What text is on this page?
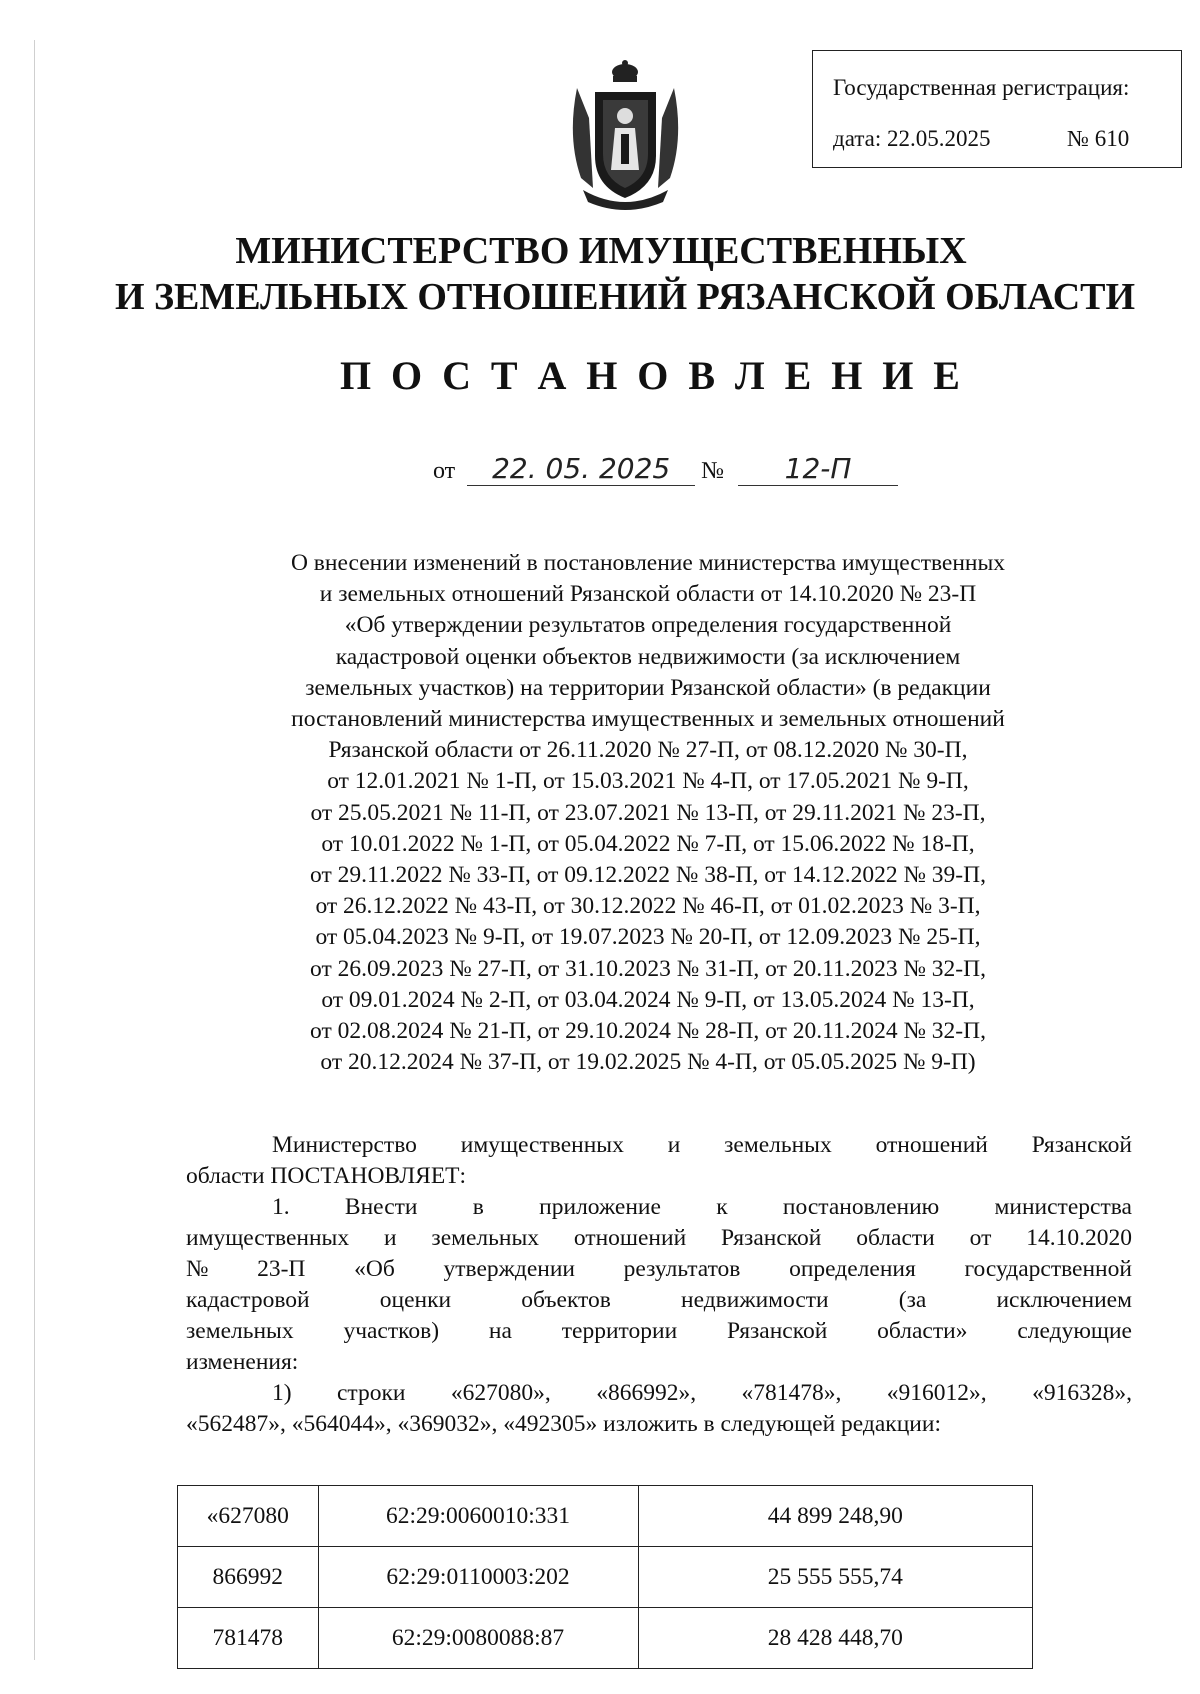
Государственная регистрация:
дата: 22.05.2025	№ 610
МИНИСТЕРСТВО ИМУЩЕСТВЕННЫХ
И ЗЕМЕЛЬНЫХ ОТНОШЕНИЙ РЯЗАНСКОЙ ОБЛАСТИ
П О С Т А Н О В Л Е Н И Е
от 22. 05. 2025 № 12-П
О внесении изменений в постановление министерства имущественных
и земельных отношений Рязанской области от 14.10.2020 № 23-П
«Об утверждении результатов определения государственной
кадастровой оценки объектов недвижимости (за исключением
земельных участков) на территории Рязанской области» (в редакции
постановлений министерства имущественных и земельных отношений
Рязанской области от 26.11.2020 № 27-П, от 08.12.2020 № 30-П,
от 12.01.2021 № 1-П, от 15.03.2021 № 4-П, от 17.05.2021 № 9-П,
от 25.05.2021 № 11-П, от 23.07.2021 № 13-П, от 29.11.2021 № 23-П,
от 10.01.2022 № 1-П, от 05.04.2022 № 7-П, от 15.06.2022 № 18-П,
от 29.11.2022 № 33-П, от 09.12.2022 № 38-П, от 14.12.2022 № 39-П,
от 26.12.2022 № 43-П, от 30.12.2022 № 46-П, от 01.02.2023 № 3-П,
от 05.04.2023 № 9-П, от 19.07.2023 № 20-П, от 12.09.2023 № 25-П,
от 26.09.2023 № 27-П, от 31.10.2023 № 31-П, от 20.11.2023 № 32-П,
от 09.01.2024 № 2-П, от 03.04.2024 № 9-П, от 13.05.2024 № 13-П,
от 02.08.2024 № 21-П, от 29.10.2024 № 28-П, от 20.11.2024 № 32-П,
от 20.12.2024 № 37-П, от 19.02.2025 № 4-П, от 05.05.2025 № 9-П)

Министерство имущественных и земельных отношений Рязанской

области ПОСТАНОВЛЯЕТ:

1. Внести в приложение к постановлению министерства

имущественных и земельных отношений Рязанской области от 14.10.2020

№ 23-П «Об утверждении результатов определения государственной

кадастровой	оценки	объектов	недвижимости	(за	исключением

земельных участков) на территории Рязанской области» следующие

изменения:

1) строки «627080», «866992», «781478», «916012», «916328»,

«562487», «564044», «369032», «492305» изложить в следующей редакции:

«627080	62:29:0060010:331	44 899 248,90
866992	62:29:0110003:202	25 555 555,74
781478	62:29:0080088:87	28 428 448,70
